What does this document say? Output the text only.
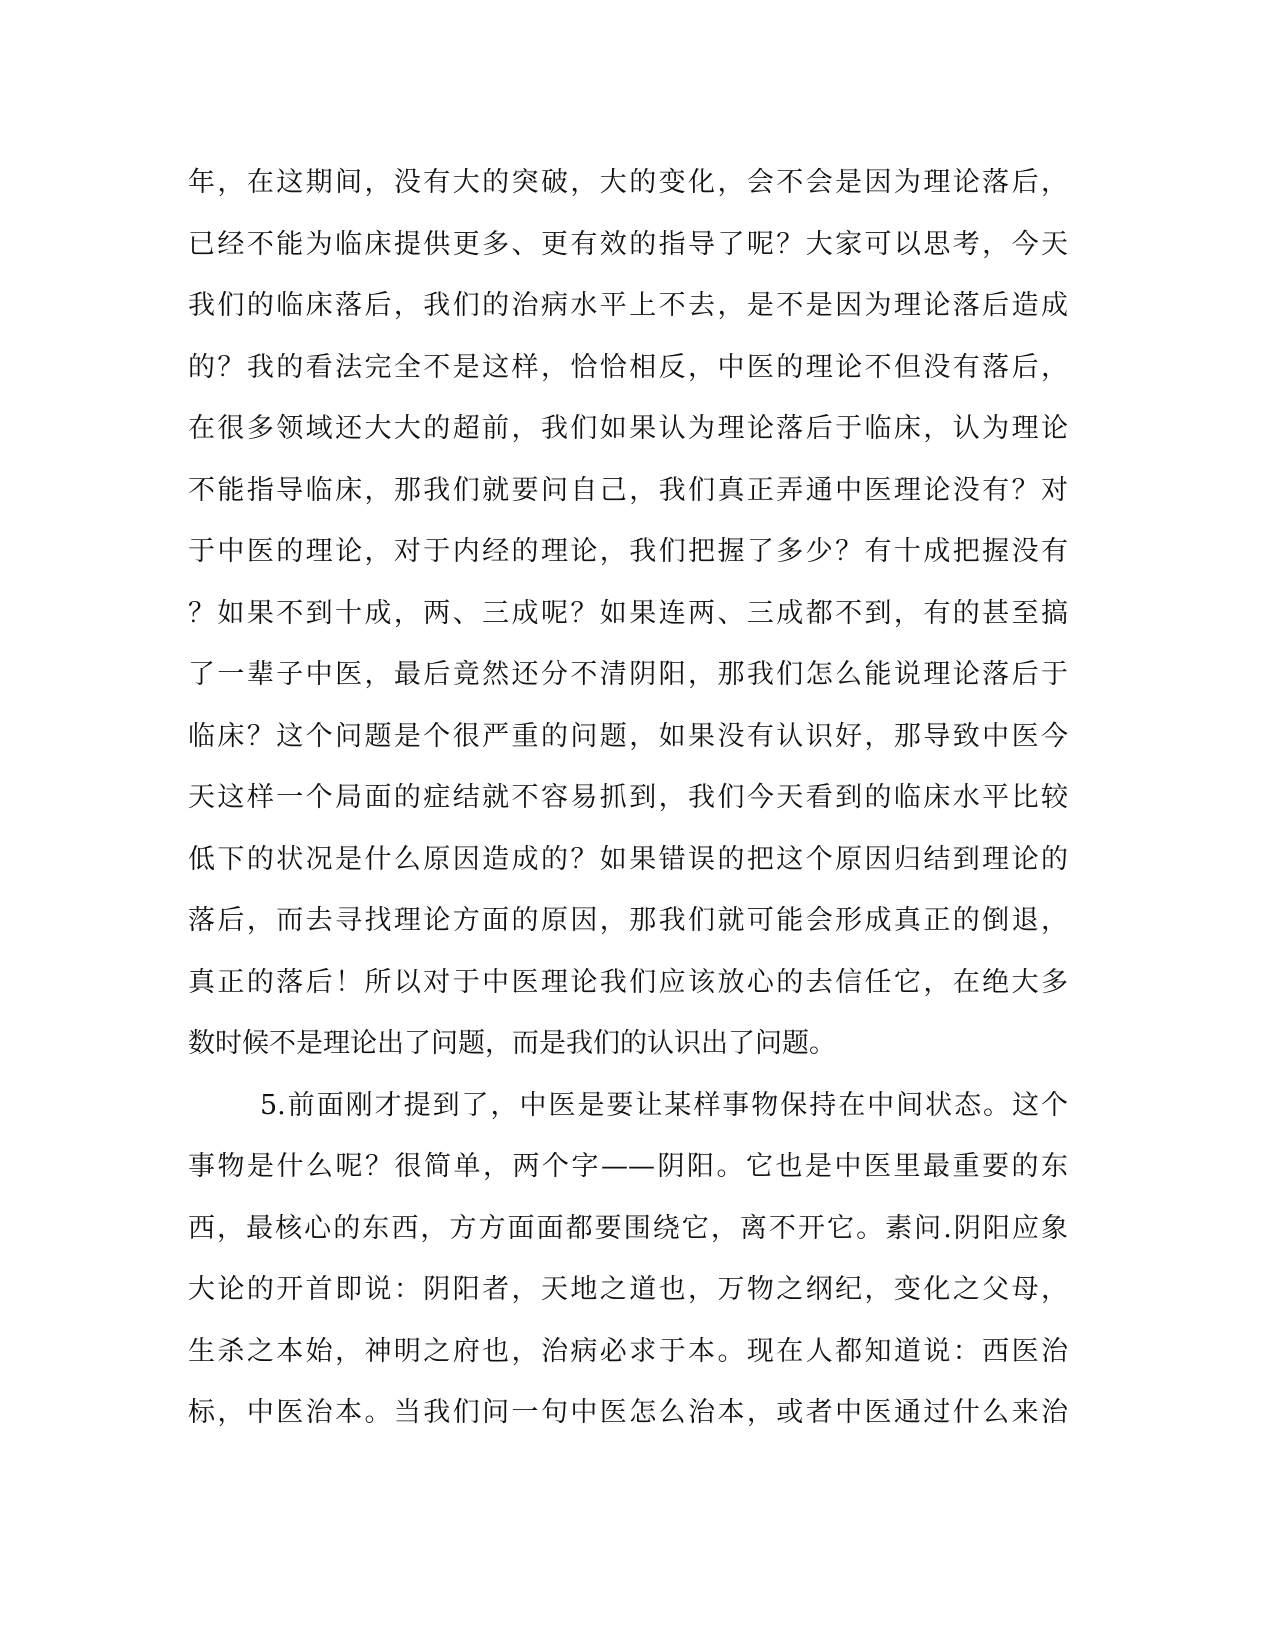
年，在这期间，没有大的突破，大的变化，会不会是因为理论落后，
已经不能为临床提供更多、更有效的指导了呢？大家可以思考，今天
我们的临床落后，我们的治病水平上不去，是不是因为理论落后造成
的？我的看法完全不是这样，恰恰相反，中医的理论不但没有落后，
在很多领域还大大的超前，我们如果认为理论落后于临床，认为理论
不能指导临床，那我们就要问自己，我们真正弄通中医理论没有？对
于中医的理论，对于内经的理论，我们把握了多少？有十成把握没有
？如果不到十成，两、三成呢？如果连两、三成都不到，有的甚至搞
了一辈子中医，最后竟然还分不清阴阳，那我们怎么能说理论落后于
临床？这个问题是个很严重的问题，如果没有认识好，那导致中医今
天这样一个局面的症结就不容易抓到，我们今天看到的临床水平比较
低下的状况是什么原因造成的？如果错误的把这个原因归结到理论的
落后，而去寻找理论方面的原因，那我们就可能会形成真正的倒退，
真正的落后！所以对于中医理论我们应该放心的去信任它，在绝大多
数时候不是理论出了问题，而是我们的认识出了问题。
5.前面刚才提到了，中医是要让某样事物保持在中间状态。这个
事物是什么呢？很简单，两个字——阴阳。它也是中医里最重要的东
西，最核心的东西，方方面面都要围绕它，离不开它。素问.阴阳应象
大论的开首即说：阴阳者，天地之道也，万物之纲纪，变化之父母，
生杀之本始，神明之府也，治病必求于本。现在人都知道说：西医治
标，中医治本。当我们问一句中医怎么治本，或者中医通过什么来治
